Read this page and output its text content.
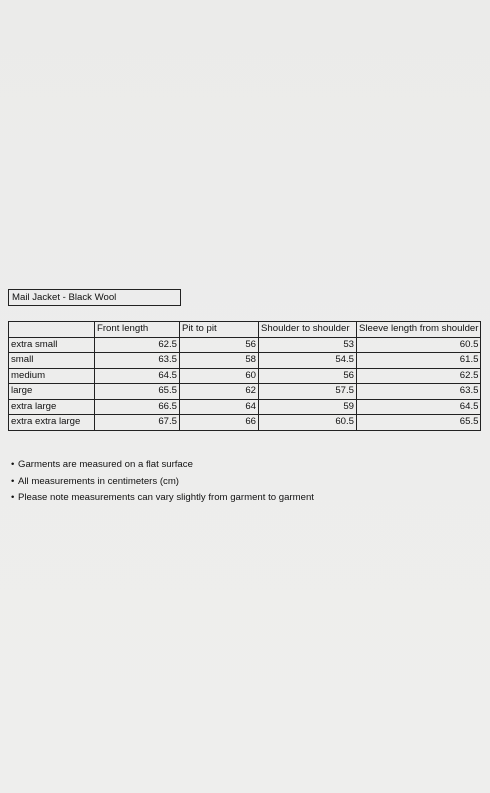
Mail Jacket - Black Wool
	Front length	Pit to pit	Shoulder to shoulder	Sleeve length from shoulder
extra small	62.5	56	53	60.5
small	63.5	58	54.5	61.5
medium	64.5	60	56	62.5
large	65.5	62	57.5	63.5
extra large	66.5	64	59	64.5
extra extra large	67.5	66	60.5	65.5
• Garments are measured on a flat surface
• All measurements in centimeters (cm)
• Please note measurements can vary slightly from garment to garment
